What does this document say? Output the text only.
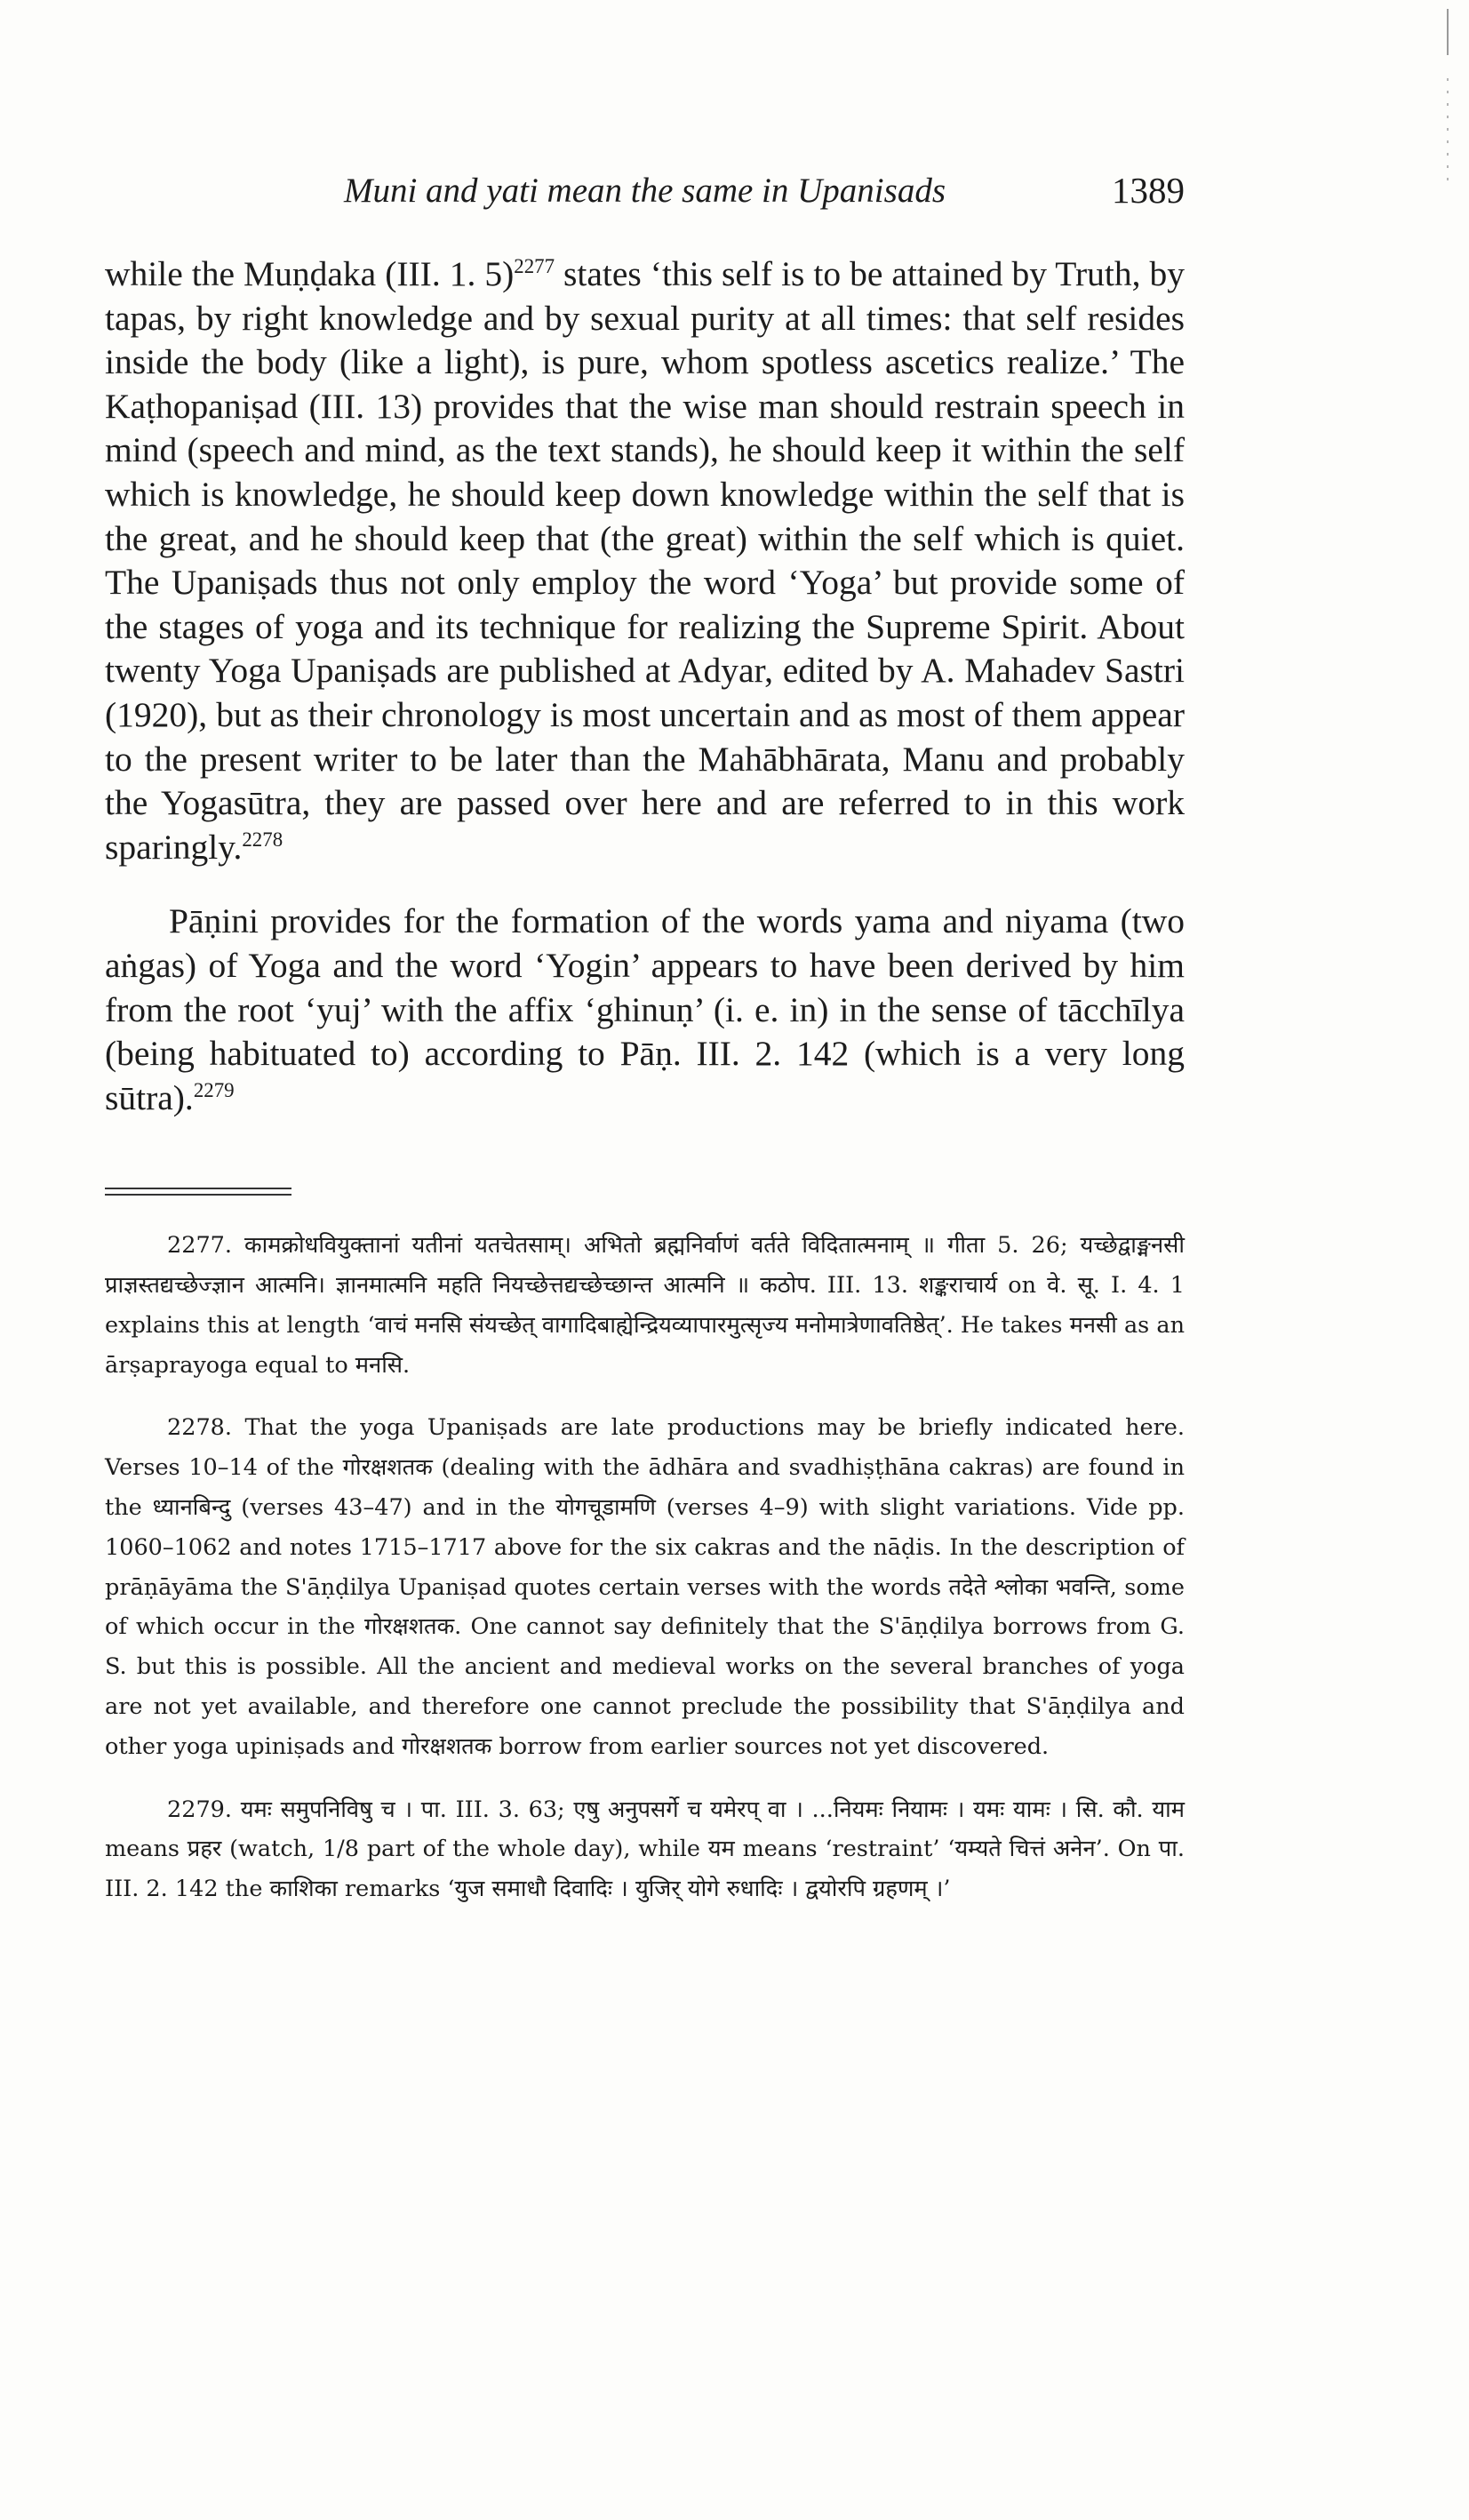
Muni and yati mean the same in Upanisads	1389

while the Muṇḍaka (III. 1. 5)$^{2277}$ states ‘this self is to be attained by Truth, by tapas, by right knowledge and by sexual purity at all times: that self resides inside the body (like a light), is pure, whom spotless ascetics realize.’ The Kaṭhopaniṣad (III. 13) provides that the wise man should restrain speech in mind (speech and mind, as the text stands), he should keep it within the self which is knowledge, he should keep down knowledge within the self that is the great, and he should keep that (the great) within the self which is quiet. The Upaniṣads thus not only employ the word ‘Yoga’ but provide some of the stages of yoga and its technique for realizing the Supreme Spirit. About twenty Yoga Upaniṣads are published at Adyar, edited by A. Mahadev Sastri (1920), but as their chronology is most uncertain and as most of them appear to the present writer to be later than the Mahābhārata, Manu and probably the Yogasūtra, they are passed over here and are referred to in this work sparingly.$^{2278}$

Pāṇini provides for the formation of the words yama and niyama (two aṅgas) of Yoga and the word ‘Yogin’ appears to have been derived by him from the root ‘yuj’ with the affix ‘ghinuṇ’ (i. e. in) in the sense of tācchīlya (being habituated to) according to Pāṇ. III. 2. 142 (which is a very long sūtra).$^{2279}$

2277. कामक्रोधवियुक्तानां यतीनां यतचेतसाम्। अभितो ब्रह्मनिर्वाणं वर्तते विदितात्मनाम् ॥ गीता 5. 26; यच्छेद्वाङ्मनसी प्राज्ञस्तद्यच्छेज्ज्ञान आत्मनि। ज्ञानमात्मनि महति नियच्छेत्तद्यच्छेच्छान्त आत्मनि ॥ कठोप. III. 13. शङ्कराचार्य on वे. सू. I. 4. 1 explains this at length ‘वाचं मनसि संयच्छेत् वागादिबाह्येन्द्रियव्यापारमुत्सृज्य मनोमात्रेणावतिष्ठेत्’. He takes मनसी as an ārṣaprayoga equal to मनसि.

2278. That the yoga Upaniṣads are late productions may be briefly indicated here. Verses 10–14 of the गोरक्षशतक (dealing with the ādhāra and svadhiṣṭhāna cakras) are found in the ध्यानबिन्दु (verses 43–47) and in the योगचूडामणि (verses 4–9) with slight variations. Vide pp. 1060–1062 and notes 1715–1717 above for the six cakras and the nāḍis. In the description of prāṇāyāma the S'āṇḍilya Upaniṣad quotes certain verses with the words तदेते श्लोका भवन्ति, some of which occur in the गोरक्षशतक. One cannot say definitely that the S'āṇḍilya borrows from G. S. but this is possible. All the ancient and medieval works on the several branches of yoga are not yet available, and therefore one cannot preclude the possibility that S'āṇḍilya and other yoga upiniṣads and गोरक्षशतक borrow from earlier sources not yet discovered.

2279. यमः समुपनिविषु च । पा. III. 3. 63; एषु अनुपसर्गे च यमेरप् वा । ...नियमः नियामः । यमः यामः । सि. कौ. याम means प्रहर (watch, 1/8 part of the whole day), while यम means ‘restraint’ ‘यम्यते चित्तं अनेन’. On पा. III. 2. 142 the काशिका remarks ‘युज समाधौ दिवादिः । युजिर् योगे रुधादिः । द्वयोरपि ग्रहणम् ।’
